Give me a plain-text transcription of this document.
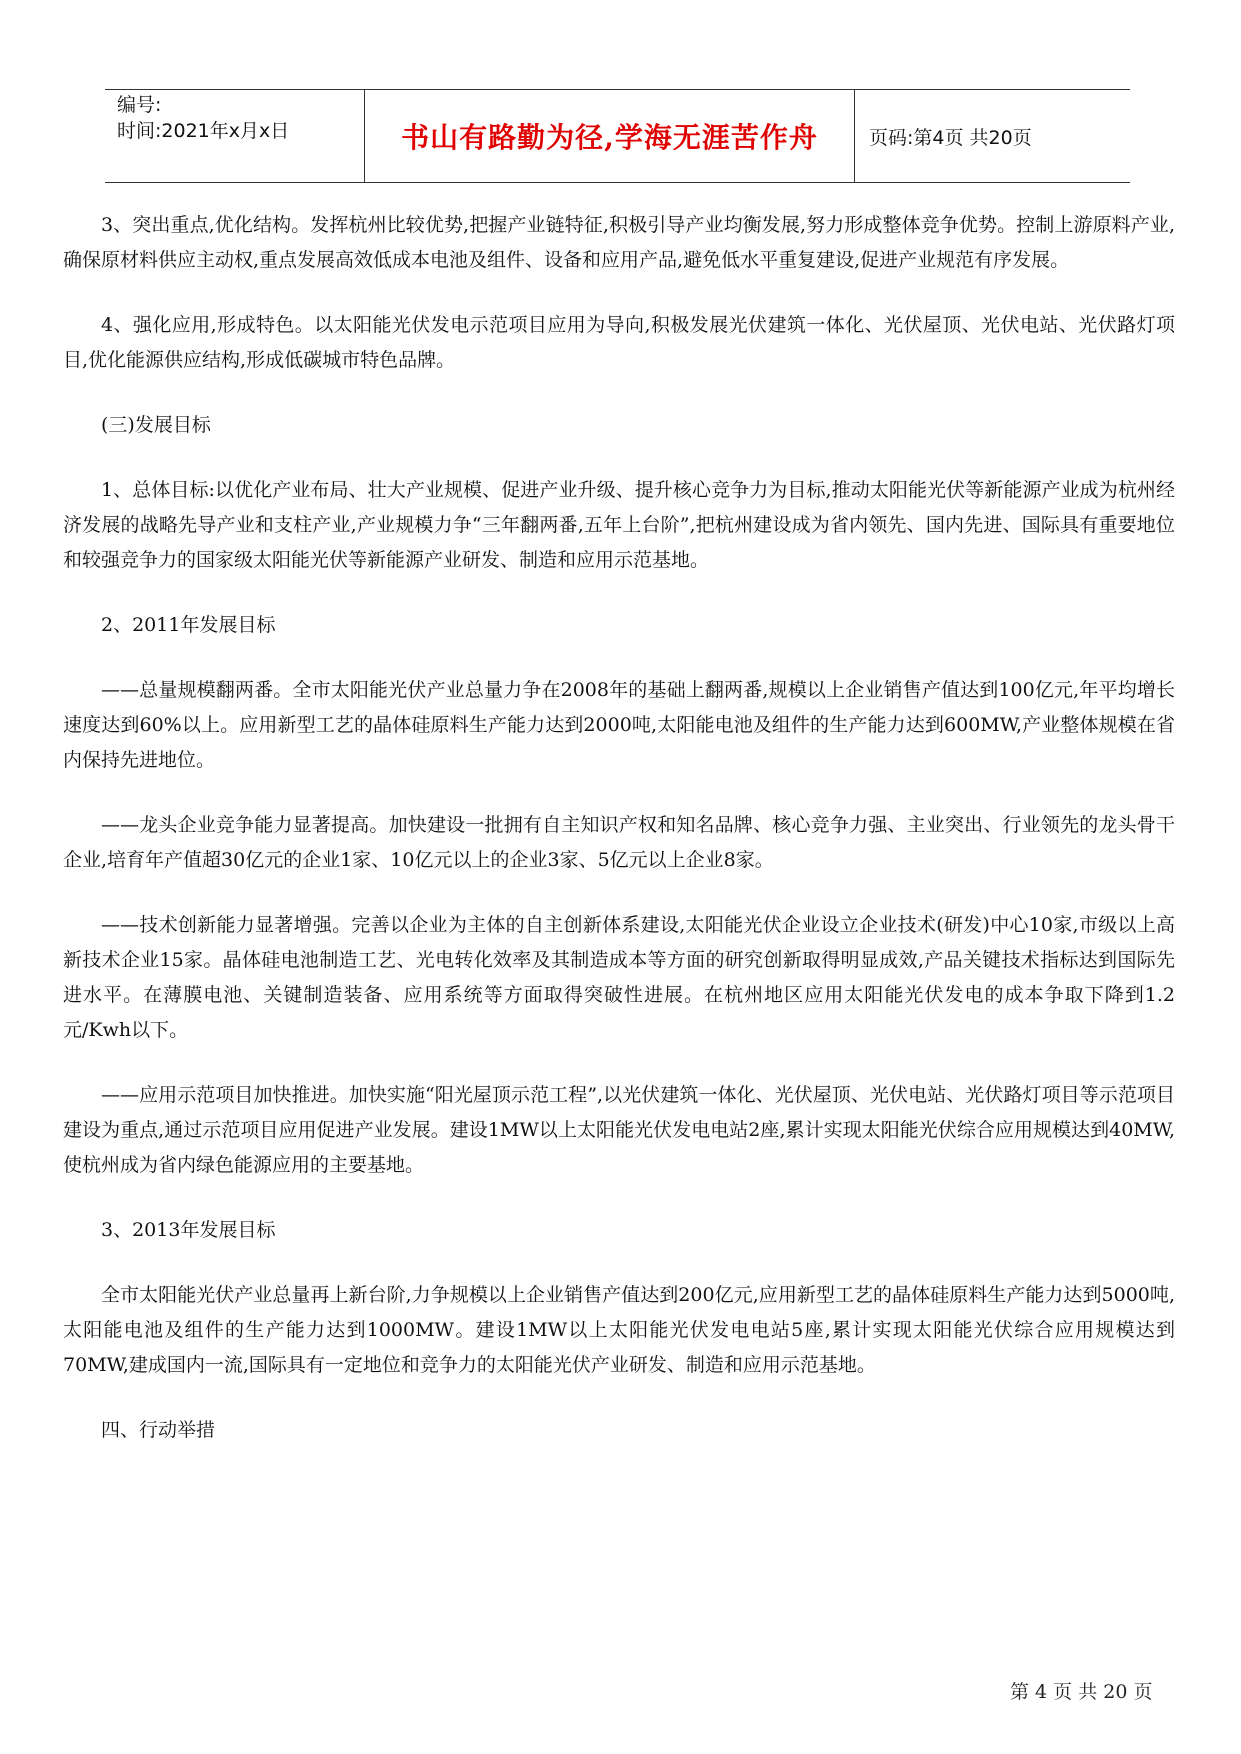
编号:
时间:2021年x月x日	书山有路勤为径,学海无涯苦作舟	页码:第4页 共20页

3、突出重点,优化结构。发挥杭州比较优势,把握产业链特征,积极引导产业均衡发展,努力形成整体竞争优势。控制上游原料产业,确保原材料供应主动权,重点发展高效低成本电池及组件、设备和应用产品,避免低水平重复建设,促进产业规范有序发展。

4、强化应用,形成特色。以太阳能光伏发电示范项目应用为导向,积极发展光伏建筑一体化、光伏屋顶、光伏电站、光伏路灯项目,优化能源供应结构,形成低碳城市特色品牌。

(三)发展目标

1、总体目标:以优化产业布局、壮大产业规模、促进产业升级、提升核心竞争力为目标,推动太阳能光伏等新能源产业成为杭州经济发展的战略先导产业和支柱产业,产业规模力争“三年翻两番,五年上台阶”,把杭州建设成为省内领先、国内先进、国际具有重要地位和较强竞争力的国家级太阳能光伏等新能源产业研发、制造和应用示范基地。

2、2011年发展目标

——总量规模翻两番。全市太阳能光伏产业总量力争在2008年的基础上翻两番,规模以上企业销售产值达到100亿元,年平均增长速度达到60%以上。应用新型工艺的晶体硅原料生产能力达到2000吨,太阳能电池及组件的生产能力达到600MW,产业整体规模在省内保持先进地位。

——龙头企业竞争能力显著提高。加快建设一批拥有自主知识产权和知名品牌、核心竞争力强、主业突出、行业领先的龙头骨干企业,培育年产值超30亿元的企业1家、10亿元以上的企业3家、5亿元以上企业8家。

——技术创新能力显著增强。完善以企业为主体的自主创新体系建设,太阳能光伏企业设立企业技术(研发)中心10家,市级以上高新技术企业15家。晶体硅电池制造工艺、光电转化效率及其制造成本等方面的研究创新取得明显成效,产品关键技术指标达到国际先进水平。在薄膜电池、关键制造装备、应用系统等方面取得突破性进展。在杭州地区应用太阳能光伏发电的成本争取下降到1.2元/Kwh以下。

——应用示范项目加快推进。加快实施“阳光屋顶示范工程”,以光伏建筑一体化、光伏屋顶、光伏电站、光伏路灯项目等示范项目建设为重点,通过示范项目应用促进产业发展。建设1MW以上太阳能光伏发电电站2座,累计实现太阳能光伏综合应用规模达到40MW,使杭州成为省内绿色能源应用的主要基地。

3、2013年发展目标

全市太阳能光伏产业总量再上新台阶,力争规模以上企业销售产值达到200亿元,应用新型工艺的晶体硅原料生产能力达到5000吨,太阳能电池及组件的生产能力达到1000MW。建设1MW以上太阳能光伏发电电站5座,累计实现太阳能光伏综合应用规模达到70MW,建成国内一流,国际具有一定地位和竞争力的太阳能光伏产业研发、制造和应用示范基地。

四、行动举措

第 4 页 共 20 页
